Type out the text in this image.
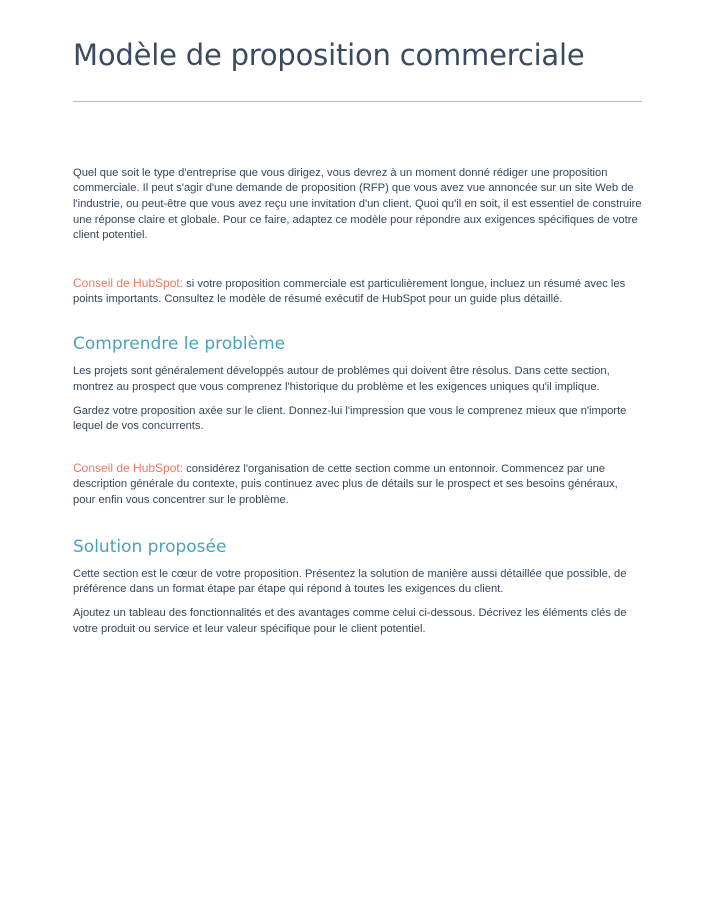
Modèle de proposition commerciale

Quel que soit le type d'entreprise que vous dirigez, vous devrez à un moment donné rédiger une proposition commerciale. Il peut s'agir d'une demande de proposition (RFP) que vous avez vue annoncée sur un site Web de l'industrie, ou peut-être que vous avez reçu une invitation d'un client. Quoi qu'il en soit, il est essentiel de construire une réponse claire et globale. Pour ce faire, adaptez ce modèle pour répondre aux exigences spécifiques de votre client potentiel.

Conseil de HubSpot: si votre proposition commerciale est particulièrement longue, incluez un résumé avec les points importants. Consultez le modèle de résumé exécutif de HubSpot pour un guide plus détaillé.

Comprendre le problème

Les projets sont généralement développés autour de problèmes qui doivent être résolus. Dans cette section, montrez au prospect que vous comprenez l'historique du problème et les exigences uniques qu'il implique.

Gardez votre proposition axée sur le client. Donnez-lui l'impression que vous le comprenez mieux que n'importe lequel de vos concurrents.

Conseil de HubSpot: considérez l'organisation de cette section comme un entonnoir. Commencez par une description générale du contexte, puis continuez avec plus de détails sur le prospect et ses besoins généraux, pour enfin vous concentrer sur le problème.

Solution proposée

Cette section est le cœur de votre proposition. Présentez la solution de manière aussi détaillée que possible, de préférence dans un format étape par étape qui répond à toutes les exigences du client.

Ajoutez un tableau des fonctionnalités et des avantages comme celui ci-dessous. Décrivez les éléments clés de votre produit ou service et leur valeur spécifique pour le client potentiel.
